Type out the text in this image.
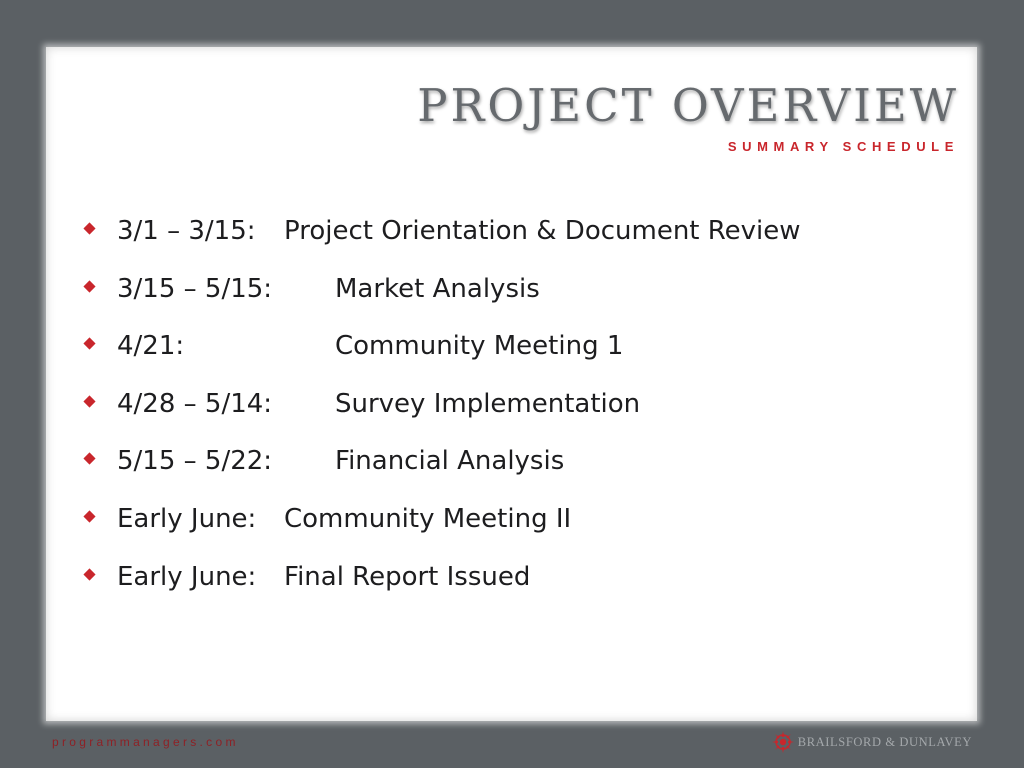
PROJECT OVERVIEW
SUMMARY SCHEDULE
3/1 – 3/15: Project Orientation & Document Review
3/15 – 5/15: Market Analysis
4/21:	Community Meeting 1
4/28 – 5/14: Survey Implementation
5/15 – 5/22: Financial Analysis
Early June: Community Meeting II
Early June: Final Report Issued
programmanagers.com	BRAILSFORD & DUNLAVEY
